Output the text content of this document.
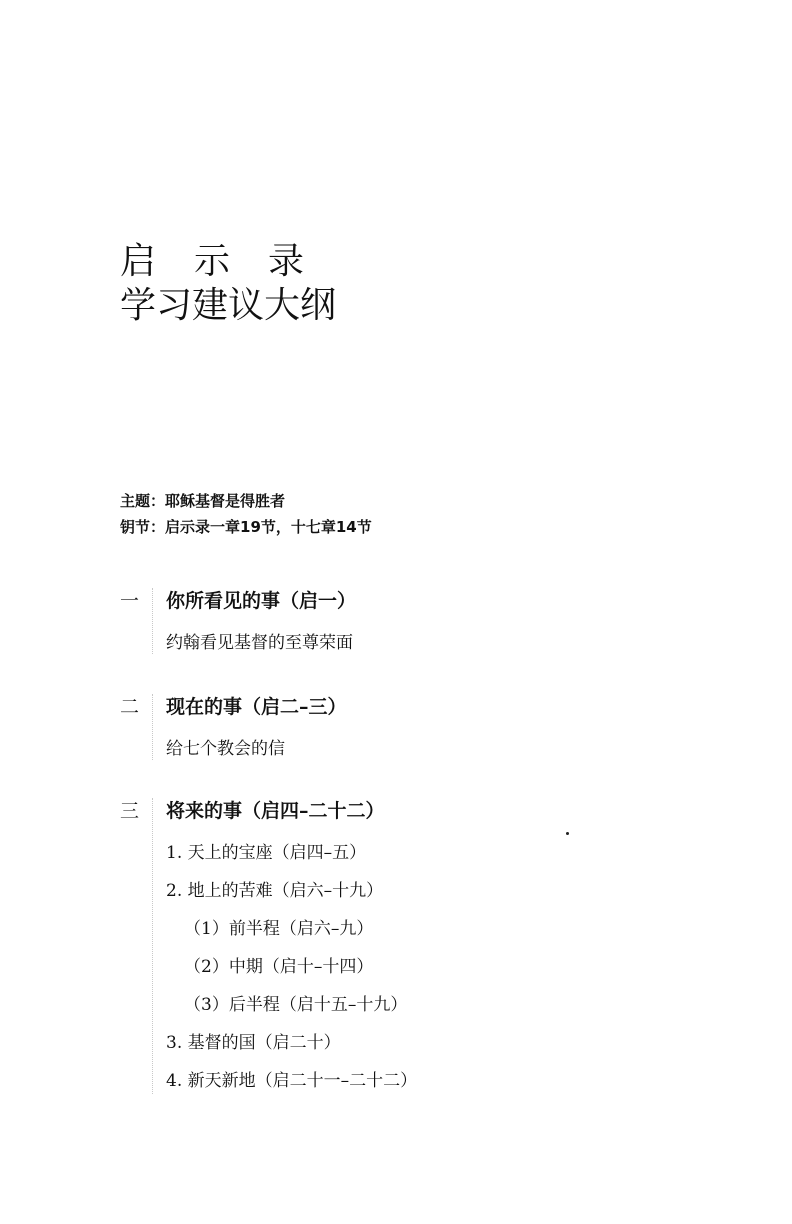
启示录
学习建议大纲
主题：耶稣基督是得胜者
钥节：启示录一章19节，十七章14节
一	你所看见的事（启一）
约翰看见基督的至尊荣面
二	现在的事（启二–三）
给七个教会的信
三	将来的事（启四–二十二）
1. 天上的宝座（启四–五）
2. 地上的苦难（启六–十九）
（1）前半程（启六–九）
（2）中期（启十–十四）
（3）后半程（启十五–十九）
3. 基督的国（启二十）
4. 新天新地（启二十一–二十二）
